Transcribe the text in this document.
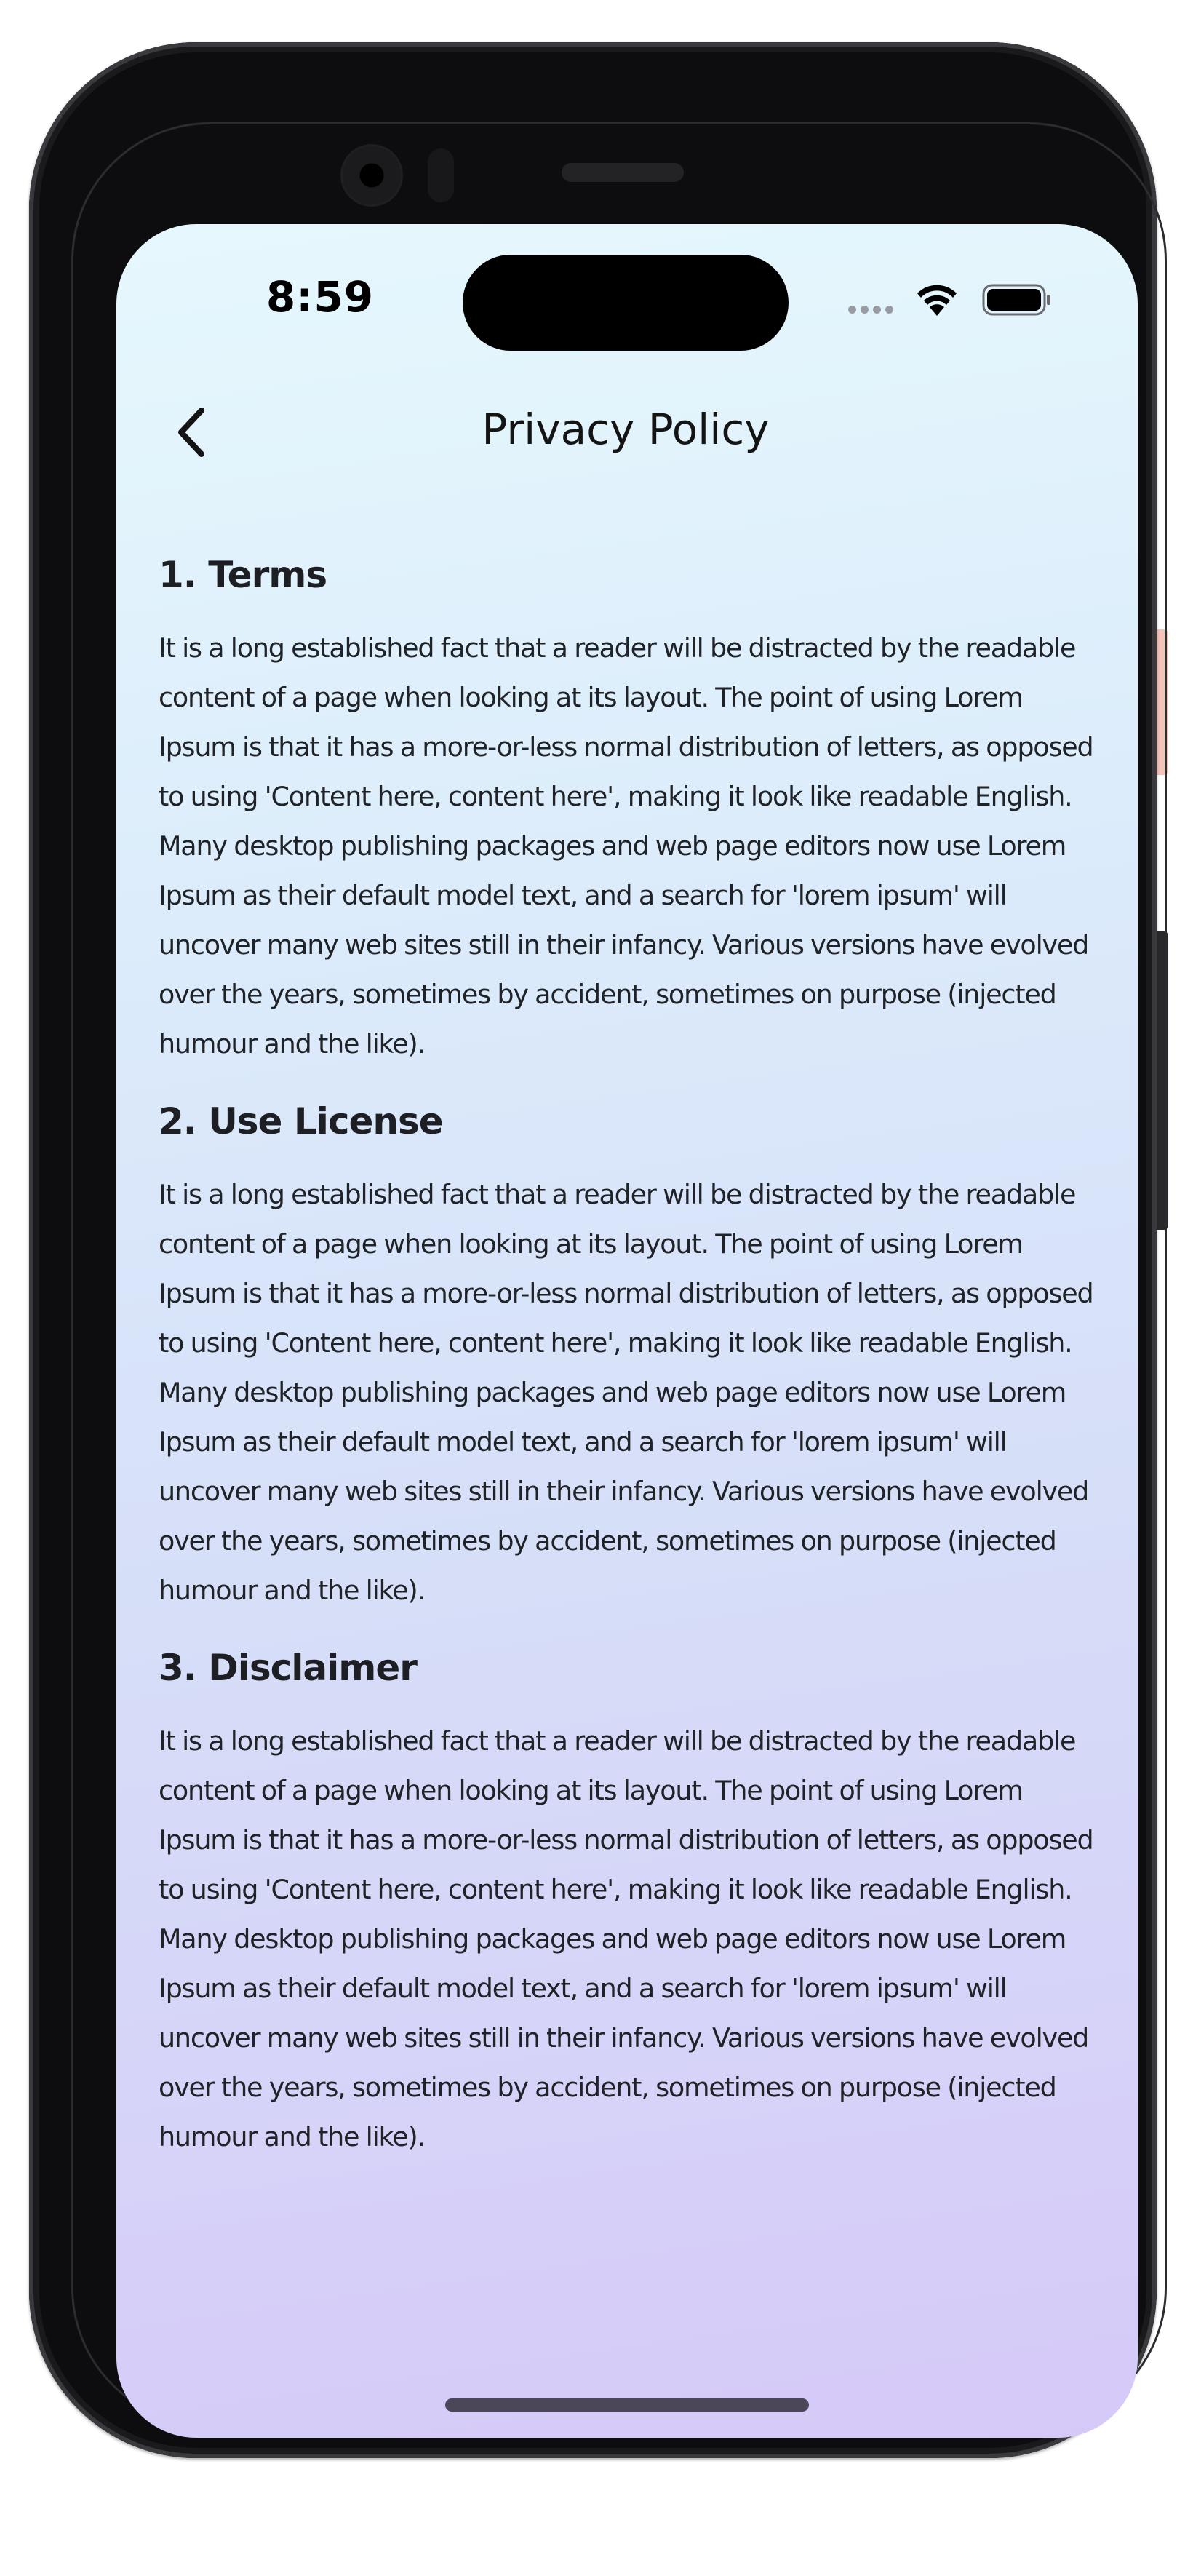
8:59
Privacy Policy
1. Terms

It is a long established fact that a reader will be distracted by the readable content of a page when looking at its layout. The point of using Lorem Ipsum is that it has a more-or-less normal distribution of letters, as opposed to using 'Content here, content here', making it look like readable English. Many desktop publishing packages and web page editors now use Lorem Ipsum as their default model text, and a search for 'lorem ipsum' will uncover many web sites still in their infancy. Various versions have evolved over the years, sometimes by accident, sometimes on purpose (injected humour and the like).

2. Use License

It is a long established fact that a reader will be distracted by the readable content of a page when looking at its layout. The point of using Lorem Ipsum is that it has a more-or-less normal distribution of letters, as opposed to using 'Content here, content here', making it look like readable English. Many desktop publishing packages and web page editors now use Lorem Ipsum as their default model text, and a search for 'lorem ipsum' will uncover many web sites still in their infancy. Various versions have evolved over the years, sometimes by accident, sometimes on purpose (injected humour and the like).

3. Disclaimer

It is a long established fact that a reader will be distracted by the readable content of a page when looking at its layout. The point of using Lorem Ipsum is that it has a more-or-less normal distribution of letters, as opposed to using 'Content here, content here', making it look like readable English. Many desktop publishing packages and web page editors now use Lorem Ipsum as their default model text, and a search for 'lorem ipsum' will uncover many web sites still in their infancy. Various versions have evolved over the years, sometimes by accident, sometimes on purpose (injected humour and the like).
